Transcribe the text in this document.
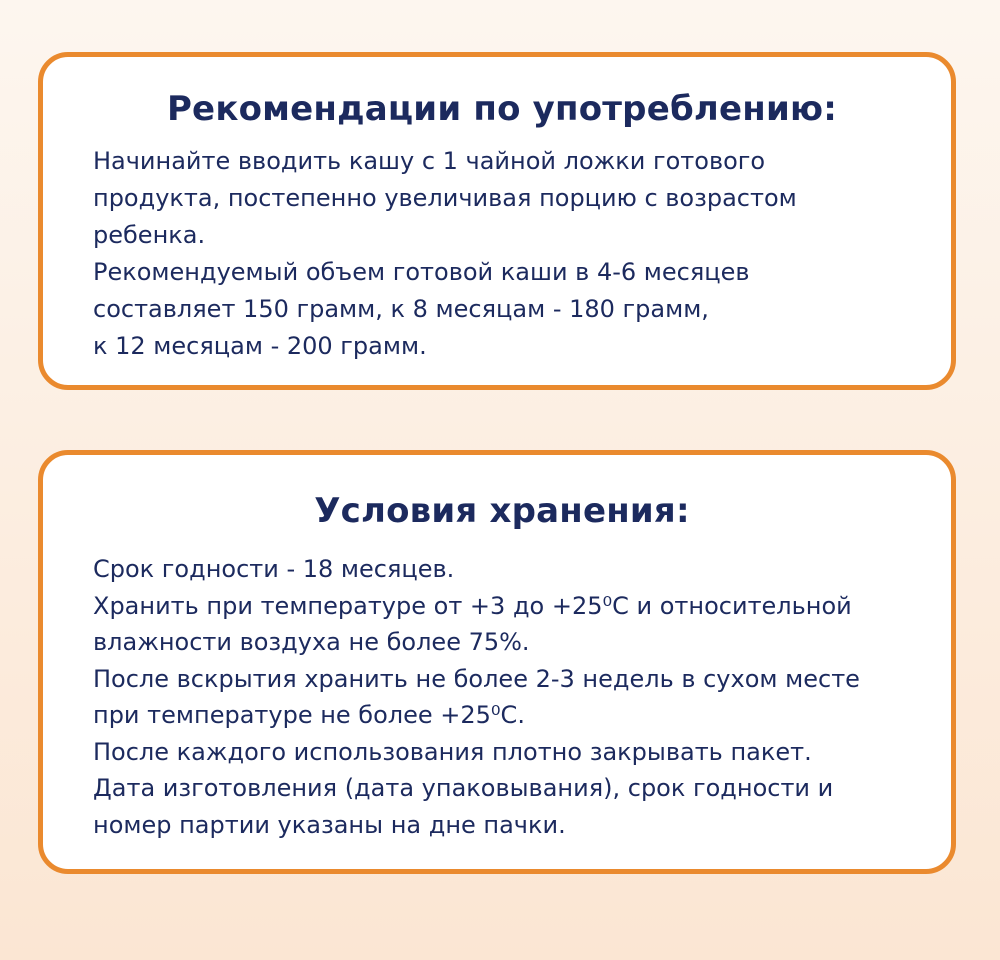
Рекомендации по употреблению:

Начинайте вводить кашу с 1 чайной ложки готового

продукта, постепенно увеличивая порцию с возрастом

ребенка.

Рекомендуемый объем готовой каши в 4-6 месяцев

составляет 150 грамм, к 8 месяцам - 180 грамм,

к 12 месяцам - 200 грамм.

Условия хранения:

Срок годности - 18 месяцев.

Хранить при температуре от +3 до +25⁰С и относительной

влажности воздуха не более 75%.

После вскрытия хранить не более 2-3 недель в сухом месте

при температуре не более +25⁰С.

После каждого использования плотно закрывать пакет.

Дата изготовления (дата упаковывания), срок годности и

номер партии указаны на дне пачки.
